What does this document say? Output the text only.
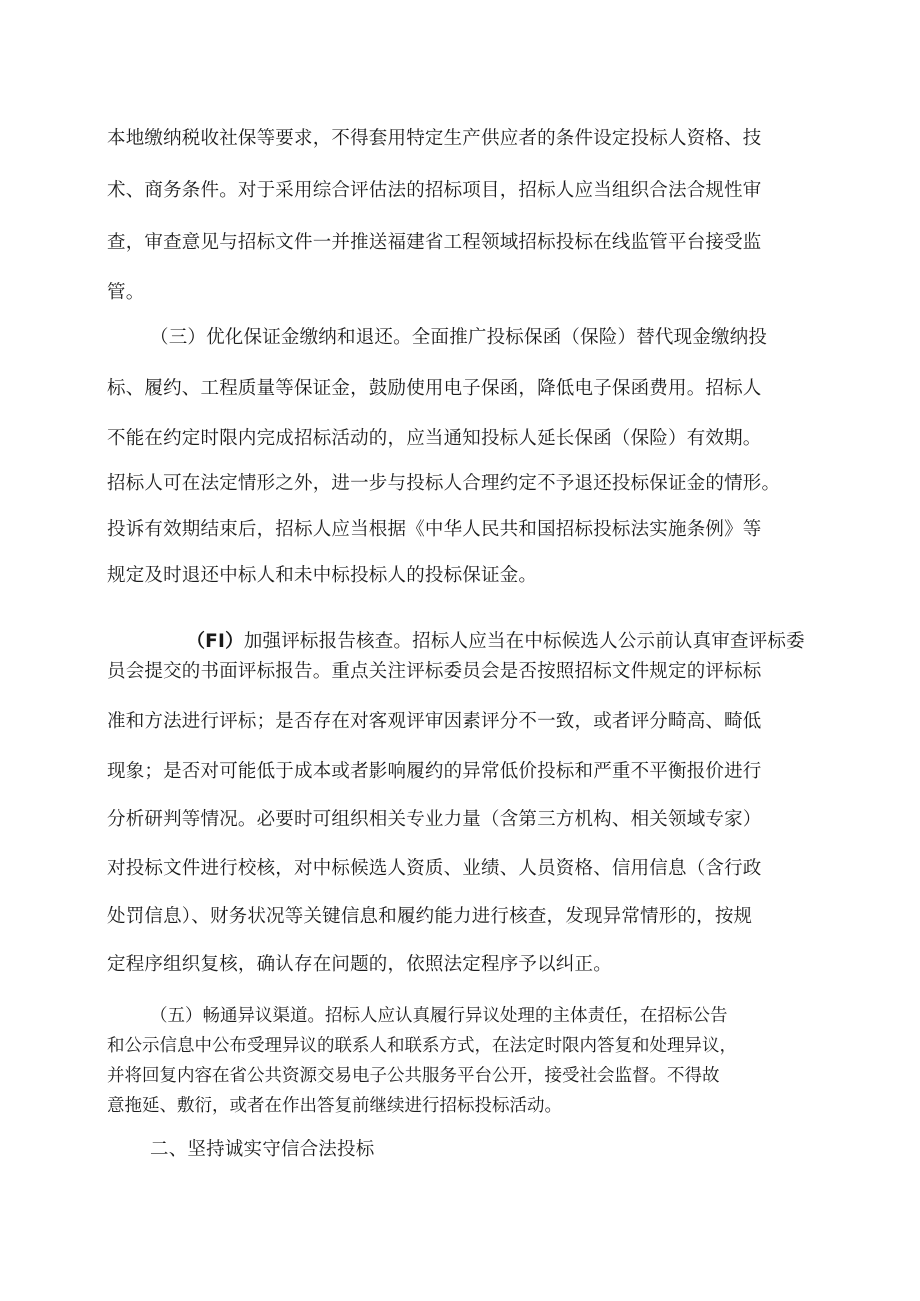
本地缴纳税收社保等要求，不得套用特定生产供应者的条件设定投标人资格、技
术、商务条件。对于采用综合评估法的招标项目，招标人应当组织合法合规性审
查，审查意见与招标文件一并推送福建省工程领域招标投标在线监管平台接受监
管。
（三）优化保证金缴纳和退还。全面推广投标保函（保险）替代现金缴纳投
标、履约、工程质量等保证金，鼓励使用电子保函，降低电子保函费用。招标人
不能在约定时限内完成招标活动的，应当通知投标人延长保函（保险）有效期。
招标人可在法定情形之外，进一步与投标人合理约定不予退还投标保证金的情形。
投诉有效期结束后，招标人应当根据《中华人民共和国招标投标法实施条例》等
规定及时退还中标人和未中标投标人的投标保证金。

（FI）加强评标报告核查。招标人应当在中标候选人公示前认真审查评标委

员会提交的书面评标报告。重点关注评标委员会是否按照招标文件规定的评标标
准和方法进行评标；是否存在对客观评审因素评分不一致，或者评分畸高、畸低
现象；是否对可能低于成本或者影响履约的异常低价投标和严重不平衡报价进行
分析研判等情况。必要时可组织相关专业力量（含第三方机构、相关领域专家）
对投标文件进行校核，对中标候选人资质、业绩、人员资格、信用信息（含行政
处罚信息）、财务状况等关键信息和履约能力进行核查，发现异常情形的，按规
定程序组织复核，确认存在问题的，依照法定程序予以纠正。
（五）畅通异议渠道。招标人应认真履行异议处理的主体责任，在招标公告
和公示信息中公布受理异议的联系人和联系方式，在法定时限内答复和处理异议，
并将回复内容在省公共资源交易电子公共服务平台公开，接受社会监督。不得故
意拖延、敷衍，或者在作出答复前继续进行招标投标活动。
二、坚持诚实守信合法投标
